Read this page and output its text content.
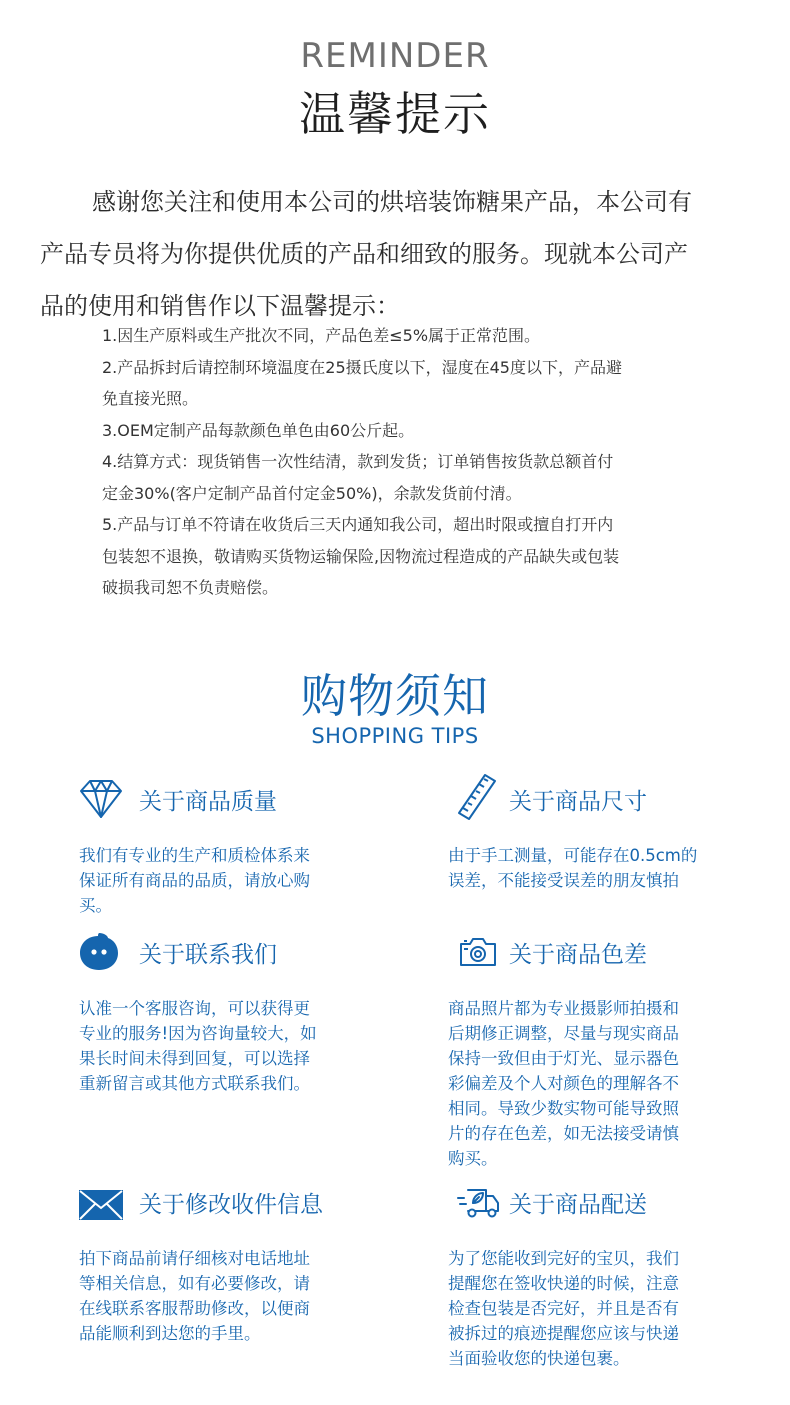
REMINDER
温馨提示
感谢您关注和使用本公司的烘培装饰糖果产品，本公司有
产品专员将为你提供优质的产品和细致的服务。现就本公司产
品的使用和销售作以下温馨提示：
1.因生产原料或生产批次不同，产品色差≤5%属于正常范围。
2.产品拆封后请控制环境温度在25摄氏度以下，湿度在45度以下，产品避
免直接光照。
3.OEM定制产品每款颜色单色由60公斤起。
4.结算方式：现货销售一次性结清，款到发货；订单销售按货款总额首付
定金30%(客户定制产品首付定金50%)，余款发货前付清。
5.产品与订单不符请在收货后三天内通知我公司，超出时限或擅自打开内
包装恕不退换，敬请购买货物运输保险,因物流过程造成的产品缺失或包装
破损我司恕不负责赔偿。
购物须知
SHOPPING TIPS
关于商品质量
我们有专业的生产和质检体系来
保证所有商品的品质，请放心购
买。
关于商品尺寸
由于手工测量，可能存在0.5cm的
误差，不能接受误差的朋友慎拍
关于联系我们
认准一个客服咨询，可以获得更
专业的服务!因为咨询量较大，如
果长时间未得到回复，可以选择
重新留言或其他方式联系我们。
关于商品色差
商品照片都为专业摄影师拍摄和
后期修正调整，尽量与现实商品
保持一致但由于灯光、显示器色
彩偏差及个人对颜色的理解各不
相同。导致少数实物可能导致照
片的存在色差，如无法接受请慎
购买。
关于修改收件信息
拍下商品前请仔细核对电话地址
等相关信息，如有必要修改，请
在线联系客服帮助修改，以便商
品能顺利到达您的手里。
关于商品配送
为了您能收到完好的宝贝，我们
提醒您在签收快递的时候，注意
检查包装是否完好，并且是否有
被拆过的痕迹提醒您应该与快递
当面验收您的快递包裹。
